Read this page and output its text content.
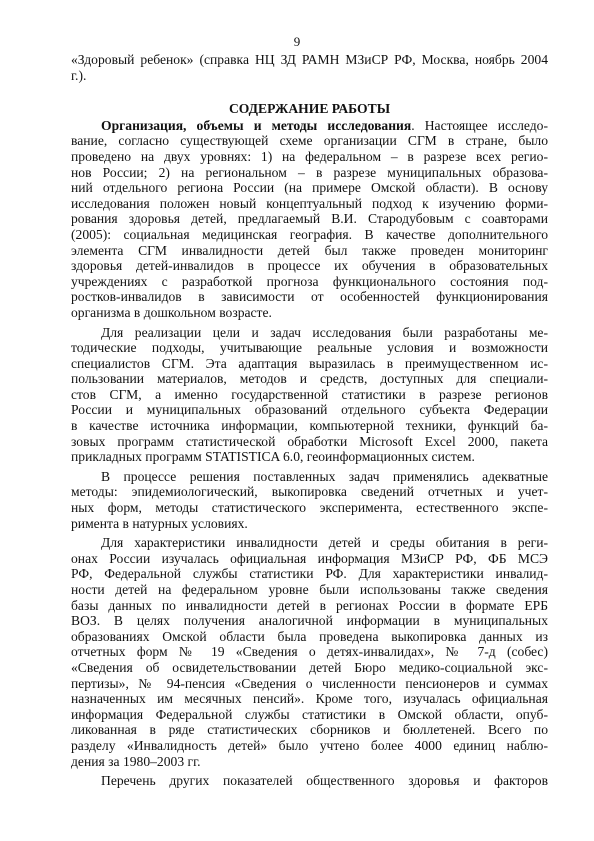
9
«Здоровый ребенок» (справка НЦ ЗД РАМН МЗиСР РФ, Москва, ноябрь 2004
г.).
СОДЕРЖАНИЕ РАБОТЫ
Организация, объемы и методы исследования. Настоящее исследо-
вание, согласно существующей схеме организации СГМ в стране, было
проведено на двух уровнях: 1) на федеральном – в разрезе всех регио-
нов России; 2) на региональном – в разрезе муниципальных образова-
ний отдельного региона России (на примере Омской области). В основу
исследования положен новый концептуальный подход к изучению форми-
рования здоровья детей, предлагаемый В.И. Стародубовым с соавторами
(2005): социальная медицинская география. В качестве дополнительного
элемента СГМ инвалидности детей был также проведен мониторинг
здоровья детей-инвалидов в процессе их обучения в образовательных
учреждениях с разработкой прогноза функционального состояния под-
ростков-инвалидов в зависимости от особенностей функционирования
организма в дошкольном возрасте.
Для реализации цели и задач исследования были разработаны ме-
тодические подходы, учитывающие реальные условия и возможности
специалистов СГМ. Эта адаптация выразилась в преимущественном ис-
пользовании материалов, методов и средств, доступных для специали-
стов СГМ, а именно государственной статистики в разрезе регионов
России и муниципальных образований отдельного субъекта Федерации
в качестве источника информации, компьютерной техники, функций ба-
зовых программ статистической обработки Microsoft Excel 2000, пакета
прикладных программ STATISTICA 6.0, геоинформационных систем.
В процессе решения поставленных задач применялись адекватные
методы: эпидемиологический, выкопировка сведений отчетных и учет-
ных форм, методы статистического эксперимента, естественного экспе-
римента в натурных условиях.
Для характеристики инвалидности детей и среды обитания в реги-
онах России изучалась официальная информация МЗиСР РФ, ФБ МСЭ
РФ, Федеральной службы статистики РФ. Для характеристики инвалид-
ности детей на федеральном уровне были использованы также сведения
базы данных по инвалидности детей в регионах России в формате ЕРБ
ВОЗ. В целях получения аналогичной информации в муниципальных
образованиях Омской области была проведена выкопировка данных из
отчетных форм № 19 «Сведения о детях-инвалидах», № 7-д (собес)
«Сведения об освидетельствовании детей Бюро медико-социальной экс-
пертизы», № 94-пенсия «Сведения о численности пенсионеров и суммах
назначенных им месячных пенсий». Кроме того, изучалась официальная
информация Федеральной службы статистики в Омской области, опуб-
ликованная в ряде статистических сборников и бюллетеней. Всего по
разделу «Инвалидность детей» было учтено более 4000 единиц наблю-
дения за 1980–2003 гг.
Перечень других показателей общественного здоровья и факторов
